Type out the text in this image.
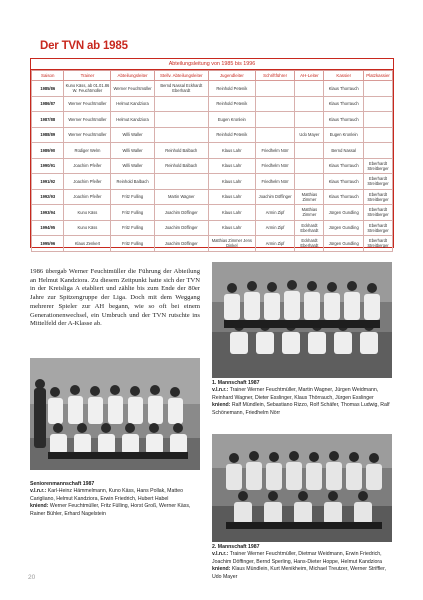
Der TVN ab 1985
Abteilungsleitung von 1985 bis 1996
Saison	Trainer	Abteilungsleiter	Stellv. Abteilungsleiter	Jugendleiter	Schriftführer	AH-Leiter	Kassier	Platzkassier
1985/86	Kuno Käss, ab 01.01.86 W. Feuchtmüller	Werner Feuchtmüller	Bernd Nassal Eckhardt Eberhardt	Reinhold Petenik			Klaus Thorrauch	
1986/87	Werner Feuchtmüller	Helmut Kandziora		Reinhold Petenik			Klaus Thorrauch	
1987/88	Werner Feuchtmüller	Helmut Kandziora		Eugen Kronlein			Klaus Thorrauch	
1988/89	Werner Feuchtmüller	Willi Waller		Reinhold Petenik		Udo Mayer	Eugen Kronlein	
1989/90	Rüdiger Welm	Willi Waller	Reinhold Balbach	Klaus Lahr	Friedhelm Nörr		Bernd Nassal	
1990/91	Joachim Pfeifer	Willi Waller	Reinhold Balbach	Klaus Lahr	Friedhelm Nörr		Klaus Thorrauch	Eberhardt Streitberger
1991/92	Joachim Pfeifer	Reinhold Balbach		Klaus Lahr	Friedhelm Nörr		Klaus Thorrauch	Eberhardt Streitberger
1992/93	Joachim Pfeifer	Fritz Fulling	Martin Wagner	Klaus Lahr	Joachim Döffinger	Matthias Zimmer	Klaus Thorrauch	Eberhardt Streitberger
1993/94	Kuno Käss	Fritz Fulling	Joachim Döffinger	Klaus Lahr	Armin Zipf	Matthias Zimmer	Jürgen Gundling	Eberhardt Streitberger
1994/95	Kuno Käss	Fritz Fulling	Joachim Döffinger	Klaus Lahr	Armin Zipf	Eckhardt Eberhardt	Jürgen Gundling	Eberhardt Streitberger
1995/96	Klaus Zenkert	Fritz Fulling	Joachim Döffinger	Matthias Zimmer Jens Dinkel	Armin Zipf	Eckhardt Eberhardt	Jürgen Gundling	Eberhardt Streitberger
1986 übergab Werner Feuchtmüller die Führung der Abteilung an Helmut Kandziora. Zu diesem Zeitpunkt hatte sich der TVN in der Kreisliga A etabliert und zählte bis zum Ende der 80er Jahre zur Spitzengruppe der Liga. Doch mit dem Weggang mehrerer Spieler zur AH begann, wie so oft bei einem Generationenwechsel, ein Umbruch und der TVN rutschte ins Mittelfeld der A-Klasse ab.
1. Mannschaft 1987
v.l.n.r.: Trainer Werner Feuchtmüller, Martin Wagner, Jürgen Weidmann, Reinhard Wagner, Dieter Esslinger, Klaus Thörrauch, Jürgen Esslinger
kniend: Ralf Mündlein, Sebastiano Rizzo, Rolf Schäfer, Thomas Ludwig, Ralf Schönemann, Friedhelm Nörr
Seniorenmannschaft 1987
v.l.n.r.: Karl-Heinz Hämmelmann, Kuno Käss, Hans Pollak, Matteo Carigliano, Helmut Kandziora, Erwin Friedrich, Hubert Habel
kniend: Werner Feuchtmüller, Fritz Fülling, Horst Groß, Werner Käss, Rainer Bühler, Erhard Nagelstein
2. Mannschaft 1987
v.l.n.r.: Trainer Werner Feuchtmüller, Dietmar Weidmann, Erwin Friedrich, Joachim Döffinger, Bernd Sperling, Hans-Dieter Hoppe, Helmut Kandziora
kniend: Klaus Mündlein, Kurt Menikheim, Michael Treutzer, Werner Striffler, Udo Mayer
20
